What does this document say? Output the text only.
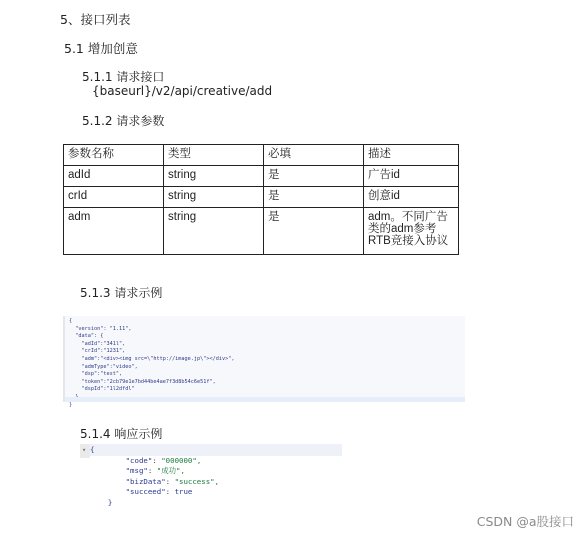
5、接口列表
5.1 增加创意
5.1.1 请求接口
{baseurl}/v2/api/creative/add
5.1.2 请求参数
参数名称	类型	必填	描述
adId	string	是	广告id
crId	string	是	创意id
adm	string	是	adm。不同广告类的adm参考RTB竞接入协议
5.1.3 请求示例
{
"version": "1.11",
"data": {
"adId":"341l",
"crId":"1231",
"adm":"<div><img src=\"http://image.jp\"></div>",
"admType":"video",
"dsp":"test",
"token":"2cb79e1e7bd44be4ae7f3d8b54c6e51f",
"dspId":"1l2dfdl"
}
5.1.4 响应示例
▾ {
"code": "000000",
"msg": "成功",
"bizData": "success",
"succeed": true
}
CSDN @a股接口
